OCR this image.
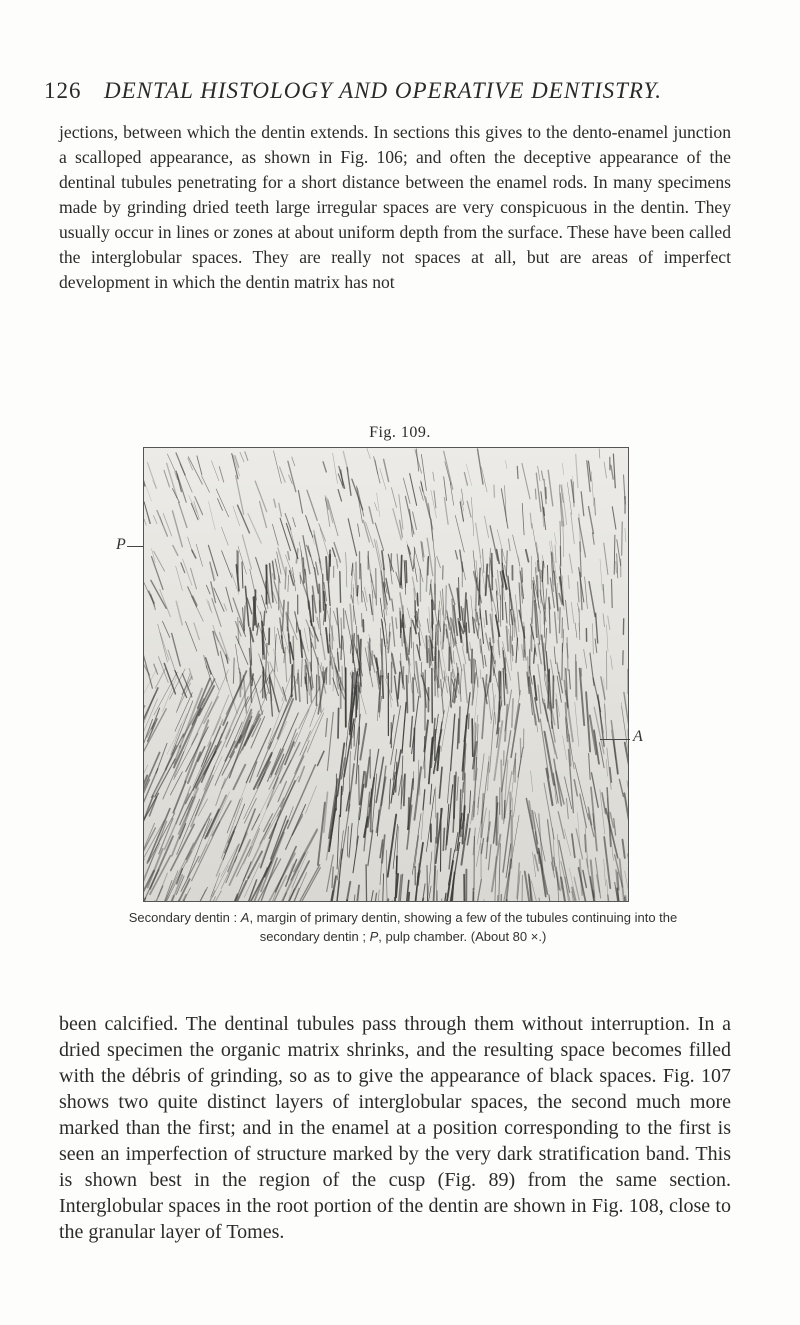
126 DENTAL HISTOLOGY AND OPERATIVE DENTISTRY.

jections, between which the dentin extends. In sections this gives to the dento-enamel junction a scalloped appearance, as shown in Fig. 106; and often the deceptive appearance of the dentinal tubules penetrating for a short distance between the enamel rods. In many specimens made by grinding dried teeth large irregular spaces are very conspicuous in the dentin. They usually occur in lines or zones at about uniform depth from the surface. These have been called the interglobular spaces. They are really not spaces at all, but are areas of imperfect development in which the dentin matrix has not

Fig. 109.
P
A
Secondary dentin : A, margin of primary dentin, showing a few of the tubules continuing into the secondary dentin ; P, pulp chamber. (About 80 ×.)

been calcified. The dentinal tubules pass through them without interruption. In a dried specimen the organic matrix shrinks, and the resulting space becomes filled with the débris of grinding, so as to give the appearance of black spaces. Fig. 107 shows two quite distinct layers of interglobular spaces, the second much more marked than the first; and in the enamel at a position corresponding to the first is seen an imperfection of structure marked by the very dark stratification band. This is shown best in the region of the cusp (Fig. 89) from the same section. Interglobular spaces in the root portion of the dentin are shown in Fig. 108, close to the granular layer of Tomes.
